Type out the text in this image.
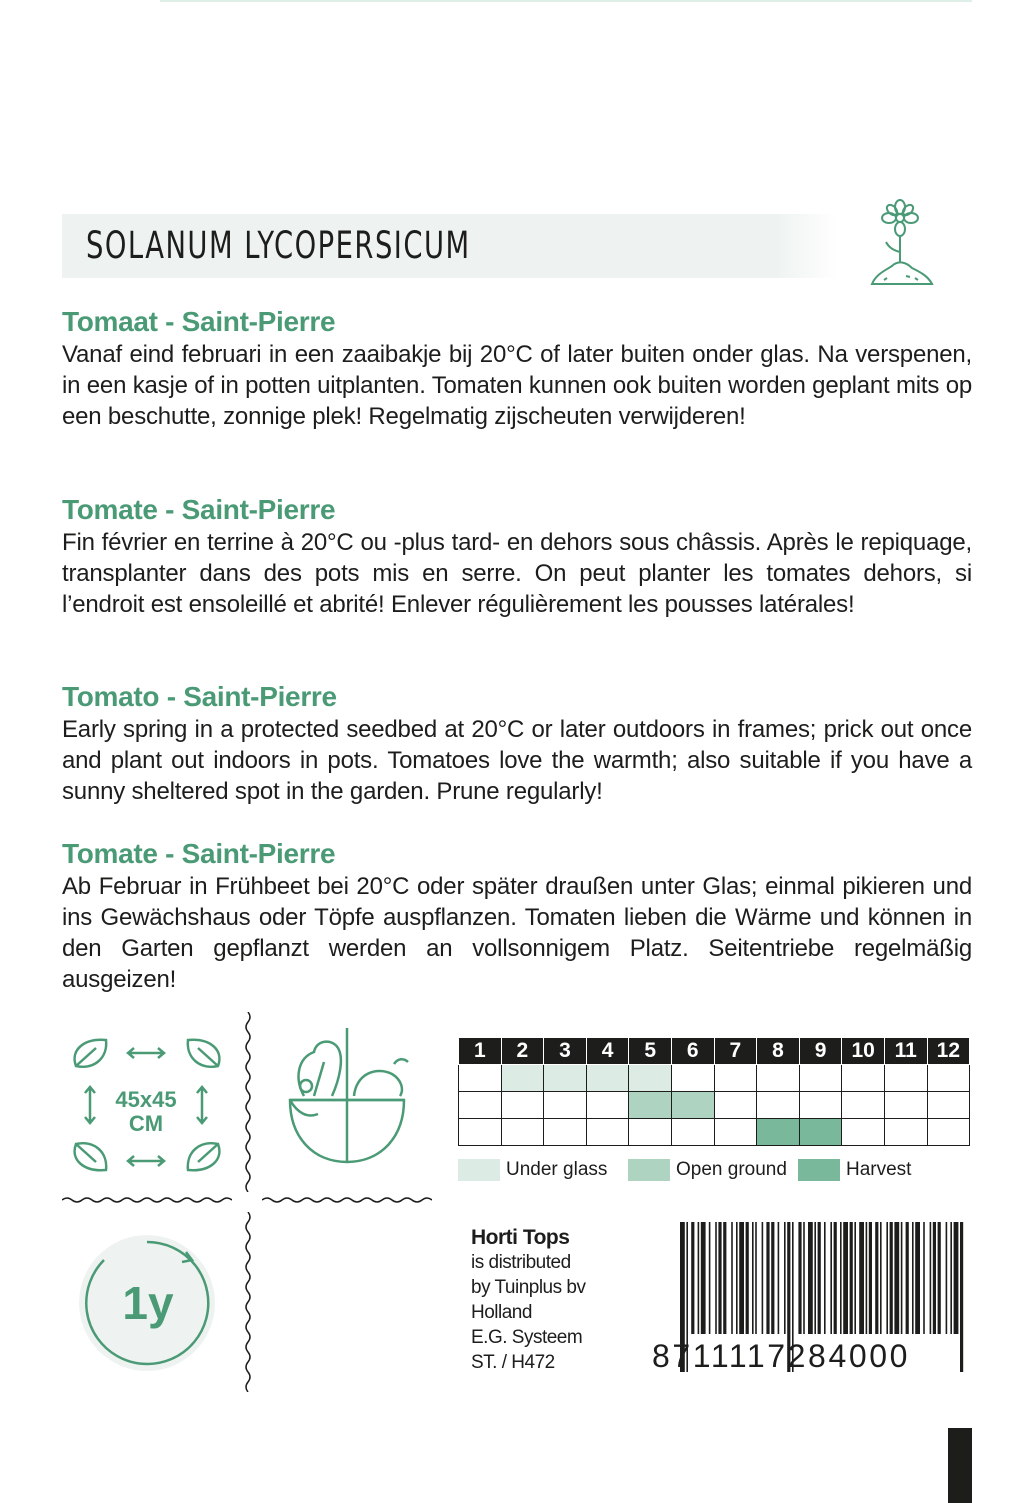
SOLANUM LYCOPERSICUM
Tomaat - Saint-Pierre

Vanaf eind februari in een zaaibakje bij 20°C of later buiten onder glas. Na verspenen, in een kasje of in potten uitplanten. Tomaten kunnen ook buiten worden geplant mits op een beschutte, zonnige plek! Regelmatig zijscheuten verwijderen!

Tomate - Saint-Pierre

Fin février en terrine à 20°C ou -plus tard- en dehors sous châssis. Après le repiquage, transplanter dans des pots mis en serre. On peut planter les tomates dehors, si l’endroit est ensoleillé et abrité! Enlever régulièrement les pousses latérales!

Tomato - Saint-Pierre

Early spring in a protected seedbed at 20°C or later outdoors in frames; prick out once and plant out indoors in pots. Tomatoes love the warmth; also suitable if you have a sunny sheltered spot in the garden. Prune regularly!

Tomate - Saint-Pierre

Ab Februar in Frühbeet bei 20°C oder später draußen unter Glas; einmal pikieren und ins Gewächshaus oder Töpfe auspflanzen. Tomaten lieben die Wärme und können in den Garten gepflanzt werden an vollsonnigem Platz. Seitentriebe regelmäßig ausgeizen!

45x45
CM
1y
1	2	3	4	5	6	7	8	9	10	11	12

Under glass	Open ground	Harvest
Horti Tops
is distributed
by Tuinplus bv
Holland
E.G. Systeem
ST. / H472	8711117284000
